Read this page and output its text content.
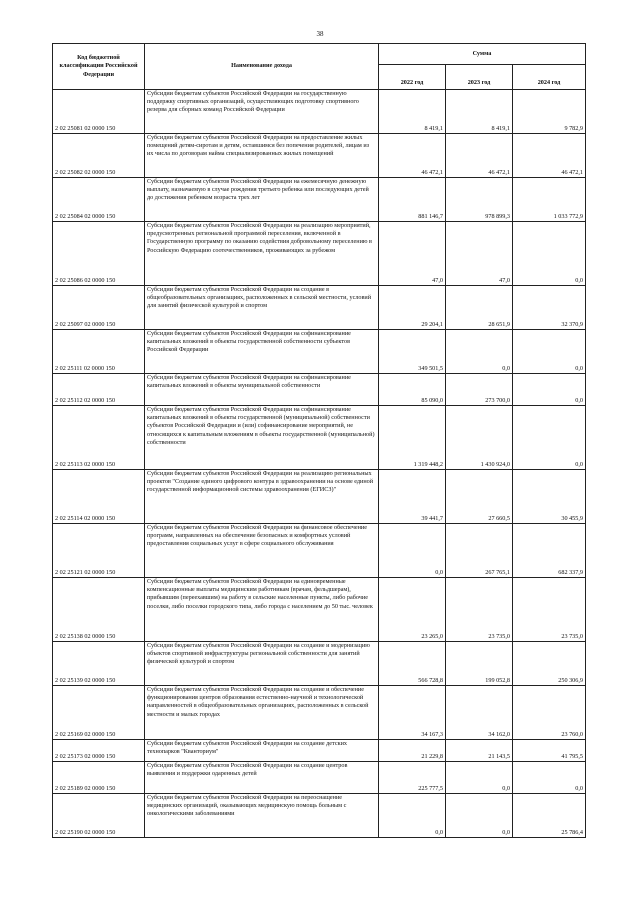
38
Код бюджетной классификации Российской Федерации	Наименование дохода	Сумма		
		2022 год	2023 год	2024 год
2 02 25081 02 0000 150	Субсидии бюджетам субъектов Российской Федерации на государственную поддержку спортивных организаций, осуществляющих подготовку спортивного резерва для сборных команд Российской Федерации	8 419,1	8 419,1	9 782,9
2 02 25082 02 0000 150	Субсидии бюджетам субъектов Российской Федерации на предоставление жилых помещений детям-сиротам и детям, оставшимся без попечения родителей, лицам из их числа по договорам найма специализированных жилых помещений	46 472,1	46 472,1	46 472,1
2 02 25084 02 0000 150	Субсидии бюджетам субъектов Российской Федерации на ежемесячную денежную выплату, назначаемую в случае рождения третьего ребенка или последующих детей до достижения ребенком возраста трех лет	881 146,7	978 899,3	1 033 772,9
2 02 25086 02 0000 150	Субсидии бюджетам субъектов Российской Федерации на реализацию мероприятий, предусмотренных региональной программой переселения, включенной в Государственную программу по оказанию содействия добровольному переселению в Российскую Федерацию соотечественников, проживающих за рубежом	47,0	47,0	0,0
2 02 25097 02 0000 150	Субсидии бюджетам субъектов Российской Федерации на создание в общеобразовательных организациях, расположенных в сельской местности, условий для занятий физической культурой и спортом	29 204,1	28 651,9	32 370,9
2 02 25111 02 0000 150	Субсидии бюджетам субъектов Российской Федерации на софинансирование капитальных вложений в объекты государственной собственности субъектов Российской Федерации	349 501,5	0,0	0,0
2 02 25112 02 0000 150	Субсидии бюджетам субъектов Российской Федерации на софинансирование капитальных вложений в объекты муниципальной собственности	85 090,0	273 700,0	0,0
2 02 25113 02 0000 150	Субсидии бюджетам субъектов Российской Федерации на софинансирование капитальных вложений в объекты государственной (муниципальной) собственности субъектов Российской Федерации и (или) софинансирование мероприятий, не относящихся к капитальным вложениям в объекты государственной (муниципальной) собственности	1 319 448,2	1 430 924,0	0,0
2 02 25114 02 0000 150	Субсидии бюджетам субъектов Российской Федерации на реализацию региональных проектов "Создание единого цифрового контура в здравоохранении на основе единой государственной информационной системы здравоохранения (ЕГИСЗ)"	39 441,7	27 660,5	30 455,9
2 02 25121 02 0000 150	Субсидии бюджетам субъектов Российской Федерации на финансовое обеспечение программ, направленных на обеспечение безопасных и комфортных условий предоставления социальных услуг в сфере социального обслуживания	0,0	267 765,1	682 337,9
2 02 25138 02 0000 150	Субсидии бюджетам субъектов Российской Федерации на единовременные компенсационные выплаты медицинским работникам (врачам, фельдшерам), прибывшим (переехавшим) на работу в сельские населенные пункты, либо рабочие поселки, либо поселки городского типа, либо города с населением до 50 тыс. человек	23 265,0	23 735,0	23 735,0
2 02 25139 02 0000 150	Субсидии бюджетам субъектов Российской Федерации на создание и модернизацию объектов спортивной инфраструктуры региональной собственности для занятий физической культурой и спортом	566 728,8	199 052,8	250 306,9
2 02 25169 02 0000 150	Субсидии бюджетам субъектов Российской Федерации на создание и обеспечение функционирования центров образования естественно-научной и технологической направленностей в общеобразовательных организациях, расположенных в сельской местности и малых городах	34 167,3	34 162,0	23 760,0
2 02 25173 02 0000 150	Субсидии бюджетам субъектов Российской Федерации на создание детских технопарков "Кванториум"	21 229,8	21 143,5	41 795,5
2 02 25189 02 0000 150	Субсидии бюджетам субъектов Российской Федерации на создание центров выявления и поддержки одаренных детей	225 777,5	0,0	0,0
2 02 25190 02 0000 150	Субсидии бюджетам субъектов Российской Федерации на переоснащение медицинских организаций, оказывающих медицинскую помощь больным с онкологическими заболеваниями	0,0	0,0	25 786,4
